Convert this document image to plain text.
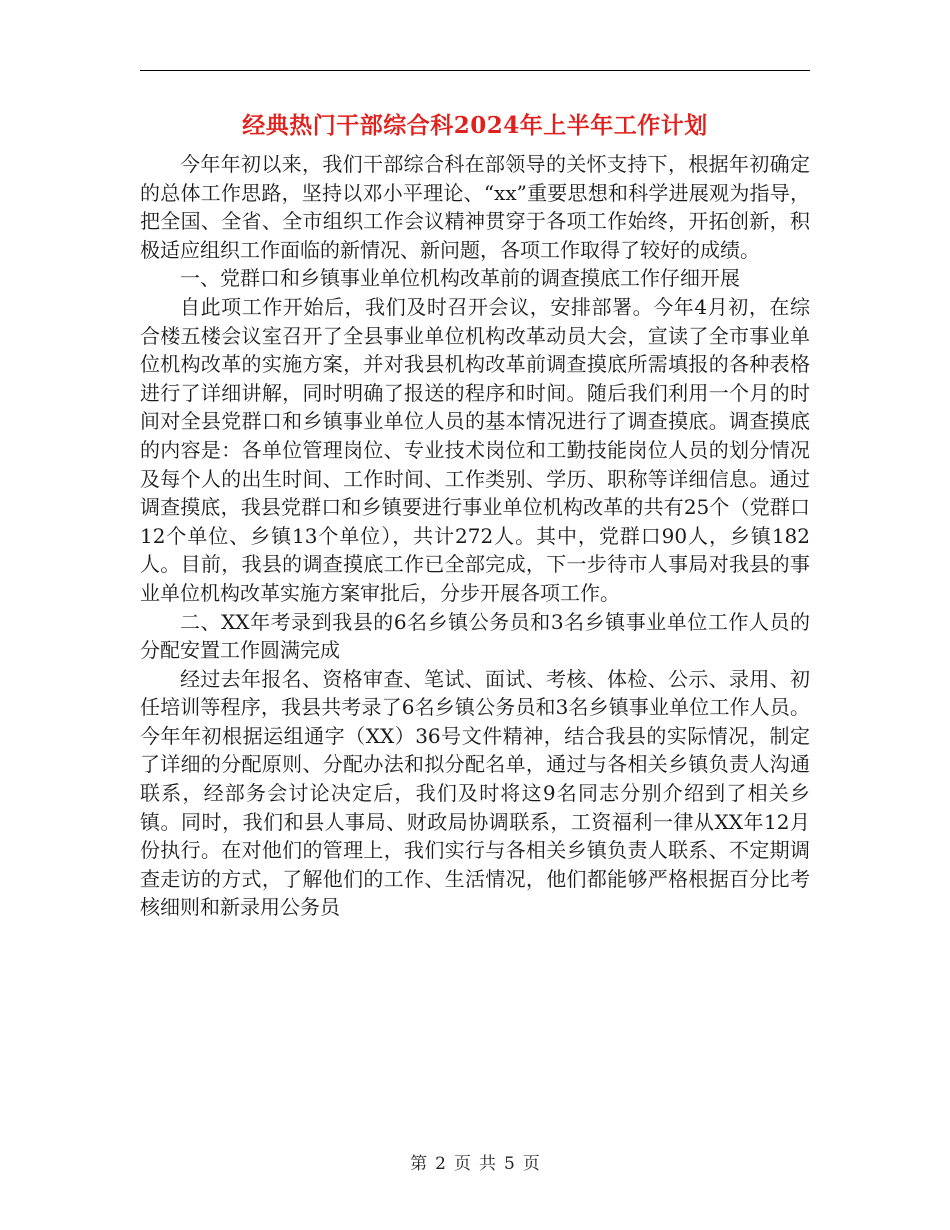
经典热门干部综合科2024年上半年工作计划

今年年初以来，我们干部综合科在部领导的关怀支持下，根据年初确定的总体工作思路，坚持以邓小平理论、“xx”重要思想和科学进展观为指导，把全国、全省、全市组织工作会议精神贯穿于各项工作始终，开拓创新，积极适应组织工作面临的新情况、新问题，各项工作取得了较好的成绩。

一、党群口和乡镇事业单位机构改革前的调查摸底工作仔细开展

自此项工作开始后，我们及时召开会议，安排部署。今年4月初，在综合楼五楼会议室召开了全县事业单位机构改革动员大会，宣读了全市事业单位机构改革的实施方案，并对我县机构改革前调查摸底所需填报的各种表格进行了详细讲解，同时明确了报送的程序和时间。随后我们利用一个月的时间对全县党群口和乡镇事业单位人员的基本情况进行了调查摸底。调查摸底的内容是：各单位管理岗位、专业技术岗位和工勤技能岗位人员的划分情况及每个人的出生时间、工作时间、工作类别、学历、职称等详细信息。通过调查摸底，我县党群口和乡镇要进行事业单位机构改革的共有25个（党群口12个单位、乡镇13个单位），共计272人。其中，党群口90人，乡镇182人。目前，我县的调查摸底工作已全部完成，下一步待市人事局对我县的事业单位机构改革实施方案审批后，分步开展各项工作。

二、XX年考录到我县的6名乡镇公务员和3名乡镇事业单位工作人员的分配安置工作圆满完成

经过去年报名、资格审查、笔试、面试、考核、体检、公示、录用、初任培训等程序，我县共考录了6名乡镇公务员和3名乡镇事业单位工作人员。今年年初根据运组通字（XX）36号文件精神，结合我县的实际情况，制定了详细的分配原则、分配办法和拟分配名单，通过与各相关乡镇负责人沟通联系，经部务会讨论决定后，我们及时将这9名同志分别介绍到了相关乡镇。同时，我们和县人事局、财政局协调联系，工资福利一律从XX年12月份执行。在对他们的管理上，我们实行与各相关乡镇负责人联系、不定期调查走访的方式，了解他们的工作、生活情况，他们都能够严格根据百分比考核细则和新录用公务员

第 2 页 共 5 页
